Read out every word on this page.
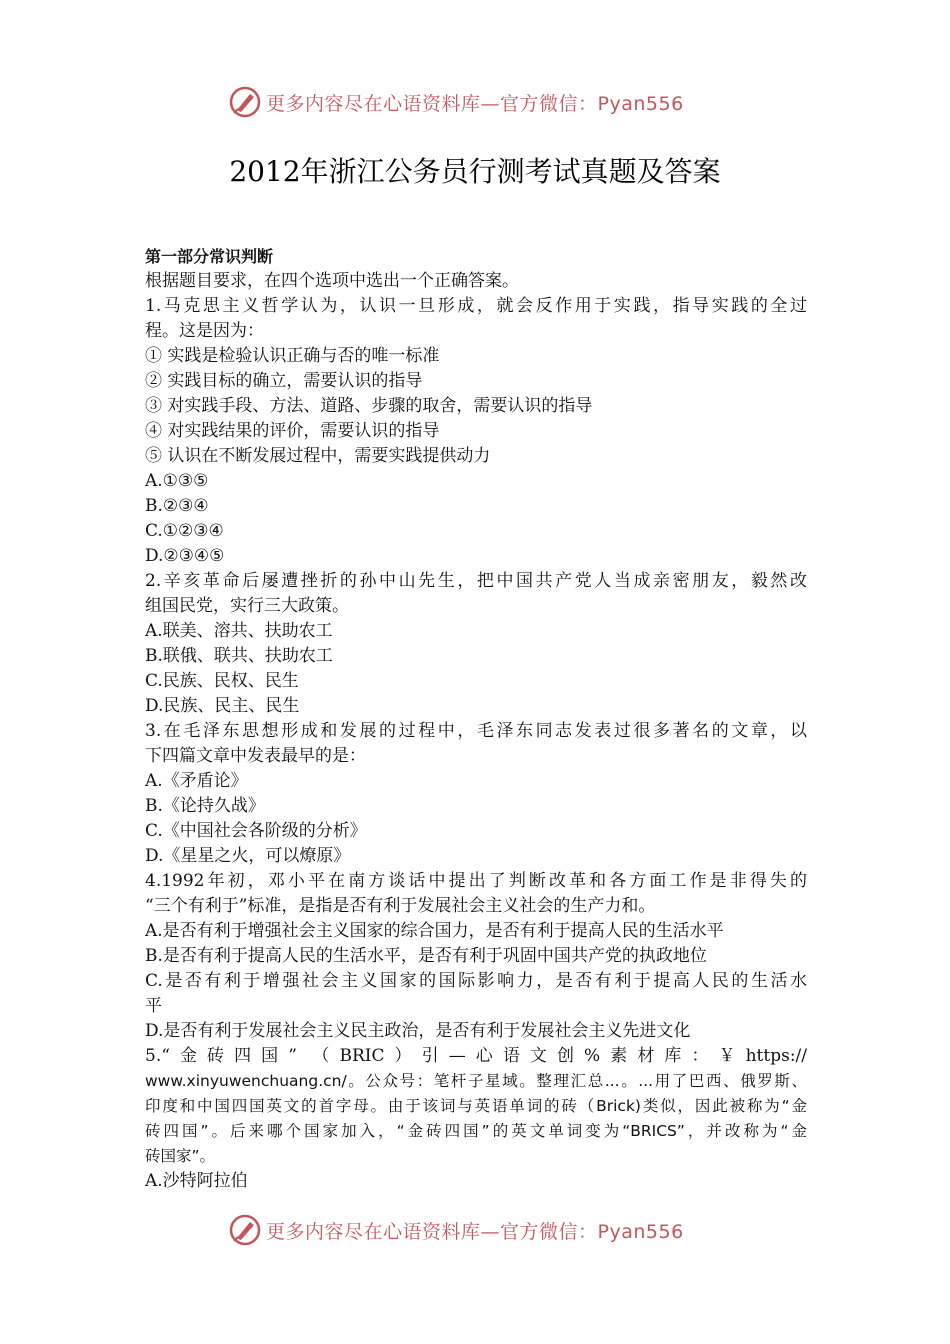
更多内容尽在心语资料库—官方微信：Pyan556
2012年浙江公务员行测考试真题及答案
第一部分常识判断
根据题目要求，在四个选项中选出一个正确答案。
1.马克思主义哲学认为，认识一旦形成，就会反作用于实践，指导实践的全过
程。这是因为：
① 实践是检验认识正确与否的唯一标准
② 实践目标的确立，需要认识的指导
③ 对实践手段、方法、道路、步骤的取舍，需要认识的指导
④ 对实践结果的评价，需要认识的指导
⑤ 认识在不断发展过程中，需要实践提供动力
A.①③⑤
B.②③④
C.①②③④
D.②③④⑤
2.辛亥革命后屡遭挫折的孙中山先生，把中国共产党人当成亲密朋友，毅然改
组国民党，实行三大政策。
A.联美、溶共、扶助农工
B.联俄、联共、扶助农工
C.民族、民权、民生
D.民族、民主、民生
3.在毛泽东思想形成和发展的过程中，毛泽东同志发表过很多著名的文章，以
下四篇文章中发表最早的是：
A.《矛盾论》
B.《论持久战》
C.《中国社会各阶级的分析》
D.《星星之火，可以燎原》
4.1992年初，邓小平在南方谈话中提出了判断改革和各方面工作是非得失的
“三个有利于”标准，是指是否有利于发展社会主义社会的生产力和。
A.是否有利于增强社会主义国家的综合国力，是否有利于提高人民的生活水平
B.是否有利于提高人民的生活水平，是否有利于巩固中国共产党的执政地位
C.是否有利于增强社会主义国家的国际影响力，是否有利于提高人民的生活水
平
D.是否有利于发展社会主义民主政治，是否有利于发展社会主义先进文化
5.“金砖四国” （BRIC）引—心语文创%素材库：￥https://
www.xinyuwenchuang.cn/。公众号：笔杆子星域。整理汇总...。...用了巴西、俄罗斯、
印度和中国四国英文的首字母。由于该词与英语单词的砖（Brick)类似，因此被称为“金
砖四国”。后来哪个国家加入，“金砖四国”的英文单词变为“BRICS”，并改称为“金
砖国家”。
A.沙特阿拉伯
更多内容尽在心语资料库—官方微信：Pyan556
